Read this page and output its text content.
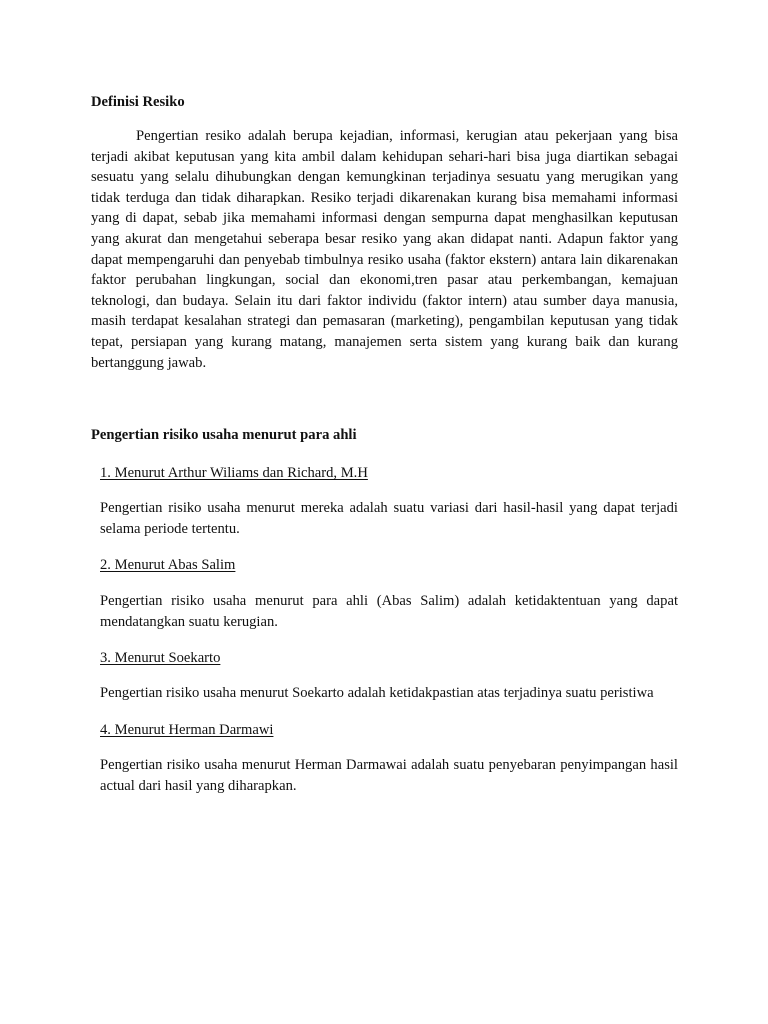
Definisi Resiko

Pengertian resiko adalah berupa kejadian, informasi, kerugian atau pekerjaan yang bisa terjadi akibat keputusan yang kita ambil dalam kehidupan sehari-hari bisa juga diartikan sebagai sesuatu yang selalu dihubungkan dengan kemungkinan terjadinya sesuatu yang merugikan yang tidak terduga dan tidak diharapkan. Resiko terjadi dikarenakan kurang bisa memahami informasi yang di dapat, sebab jika memahami informasi dengan sempurna dapat menghasilkan keputusan yang akurat dan mengetahui seberapa besar resiko yang akan didapat nanti. Adapun faktor yang dapat mempengaruhi dan penyebab timbulnya resiko usaha (faktor ekstern) antara lain dikarenakan faktor perubahan lingkungan, social dan ekonomi,tren pasar atau perkembangan, kemajuan teknologi, dan budaya. Selain itu dari faktor individu (faktor intern) atau sumber daya manusia, masih terdapat kesalahan strategi dan pemasaran (marketing), pengambilan keputusan yang tidak tepat, persiapan yang kurang matang, manajemen serta sistem yang kurang baik dan kurang bertanggung jawab.

Pengertian risiko usaha menurut para ahli

1. Menurut Arthur Wiliams dan Richard, M.H

Pengertian risiko usaha menurut mereka adalah suatu variasi dari hasil-hasil yang dapat terjadi selama periode tertentu.

2. Menurut Abas Salim

Pengertian risiko usaha menurut para ahli (Abas Salim) adalah ketidaktentuan yang dapat mendatangkan suatu kerugian.

3. Menurut Soekarto

Pengertian risiko usaha menurut Soekarto adalah ketidakpastian atas terjadinya suatu peristiwa

4. Menurut Herman Darmawi

Pengertian risiko usaha menurut Herman Darmawai adalah suatu penyebaran penyimpangan hasil actual dari hasil yang diharapkan.
